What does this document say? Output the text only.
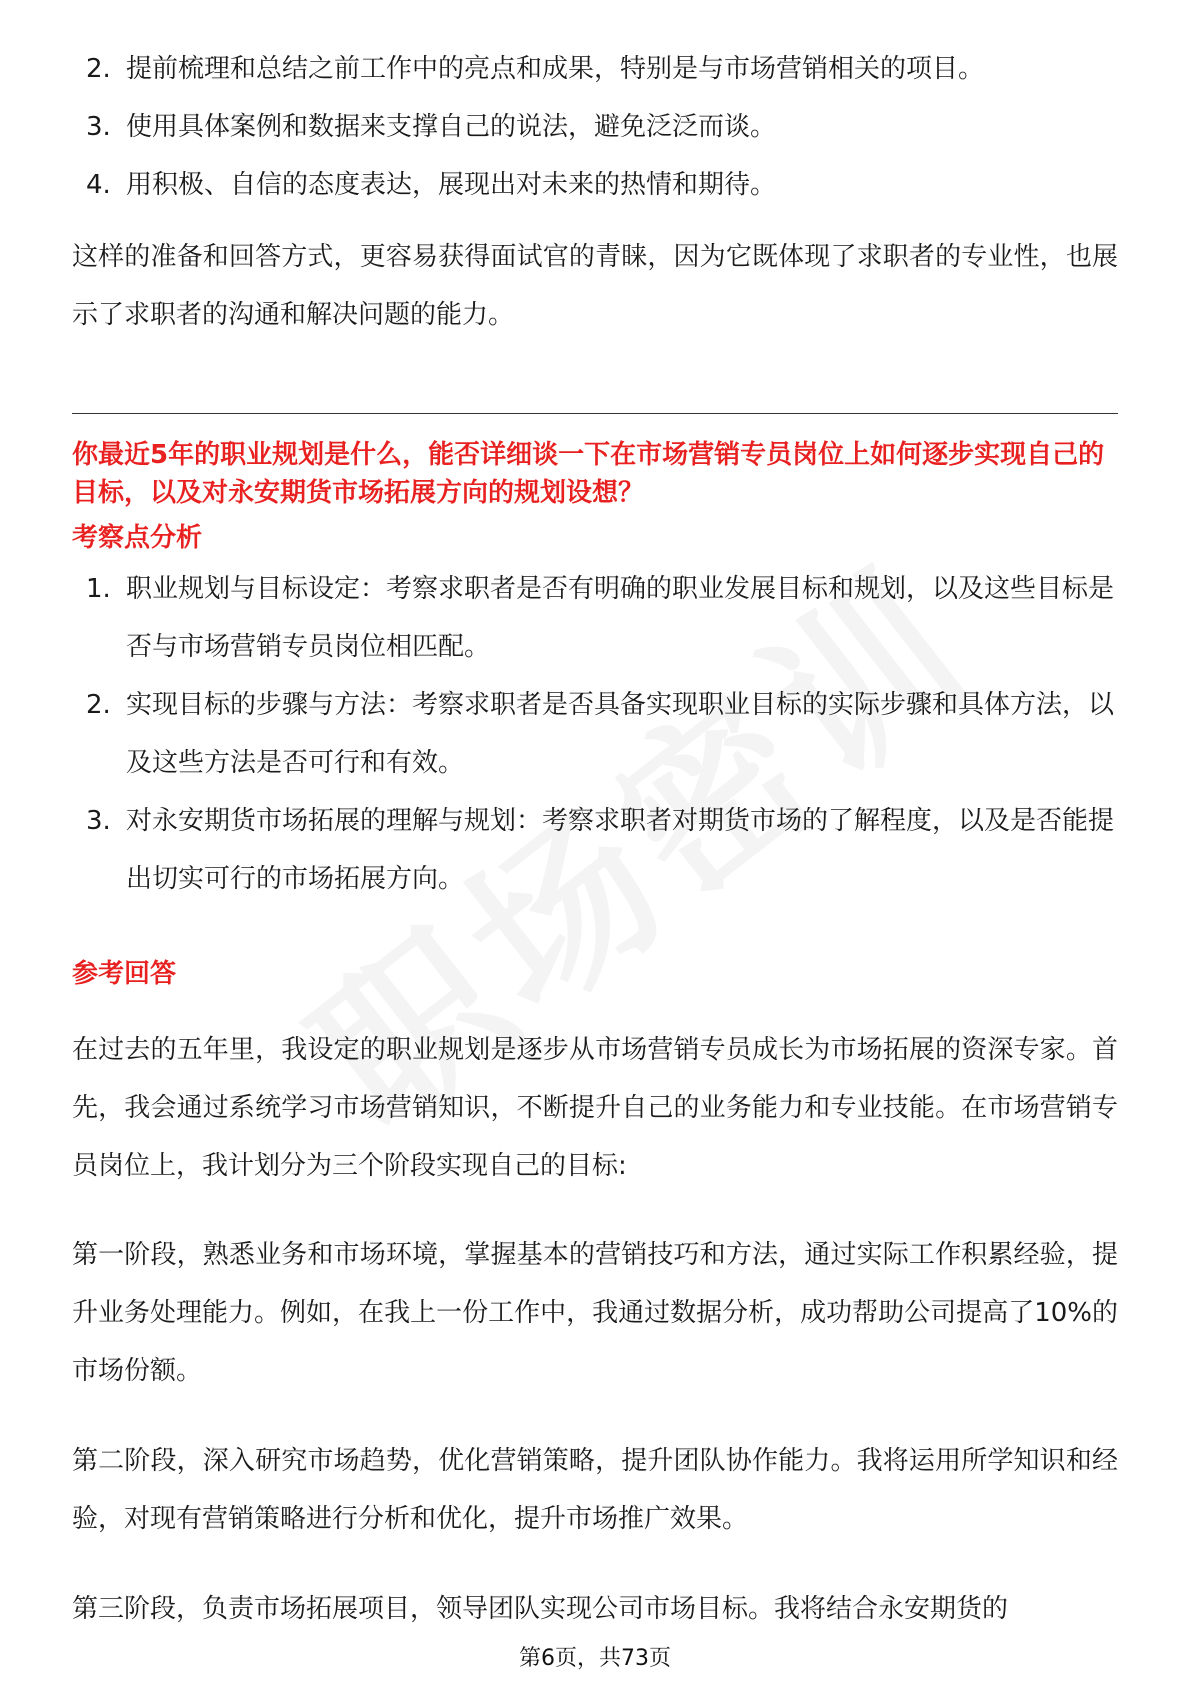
2. 提前梳理和总结之前工作中的亮点和成果，特别是与市场营销相关的项目。
3. 使用具体案例和数据来支撑自己的说法，避免泛泛而谈。
4. 用积极、自信的态度表达，展现出对未来的热情和期待。

这样的准备和回答方式，更容易获得面试官的青睐，因为它既体现了求职者的专业性，也展示了求职者的沟通和解决问题的能力。

你最近5年的职业规划是什么，能否详细谈一下在市场营销专员岗位上如何逐步实现自己的目标，以及对永安期货市场拓展方向的规划设想？

考察点分析

1. 职业规划与目标设定：考察求职者是否有明确的职业发展目标和规划，以及这些目标是否与市场营销专员岗位相匹配。
2. 实现目标的步骤与方法：考察求职者是否具备实现职业目标的实际步骤和具体方法，以及这些方法是否可行和有效。
3. 对永安期货市场拓展的理解与规划：考察求职者对期货市场的了解程度，以及是否能提出切实可行的市场拓展方向。

参考回答

在过去的五年里，我设定的职业规划是逐步从市场营销专员成长为市场拓展的资深专家。首先，我会通过系统学习市场营销知识，不断提升自己的业务能力和专业技能。在市场营销专员岗位上，我计划分为三个阶段实现自己的目标:

第一阶段，熟悉业务和市场环境，掌握基本的营销技巧和方法，通过实际工作积累经验，提升业务处理能力。例如，在我上一份工作中，我通过数据分析，成功帮助公司提高了10%的市场份额。

第二阶段，深入研究市场趋势，优化营销策略，提升团队协作能力。我将运用所学知识和经验，对现有营销策略进行分析和优化，提升市场推广效果。

第三阶段，负责市场拓展项目，领导团队实现公司市场目标。我将结合永安期货的

第6页，共73页
